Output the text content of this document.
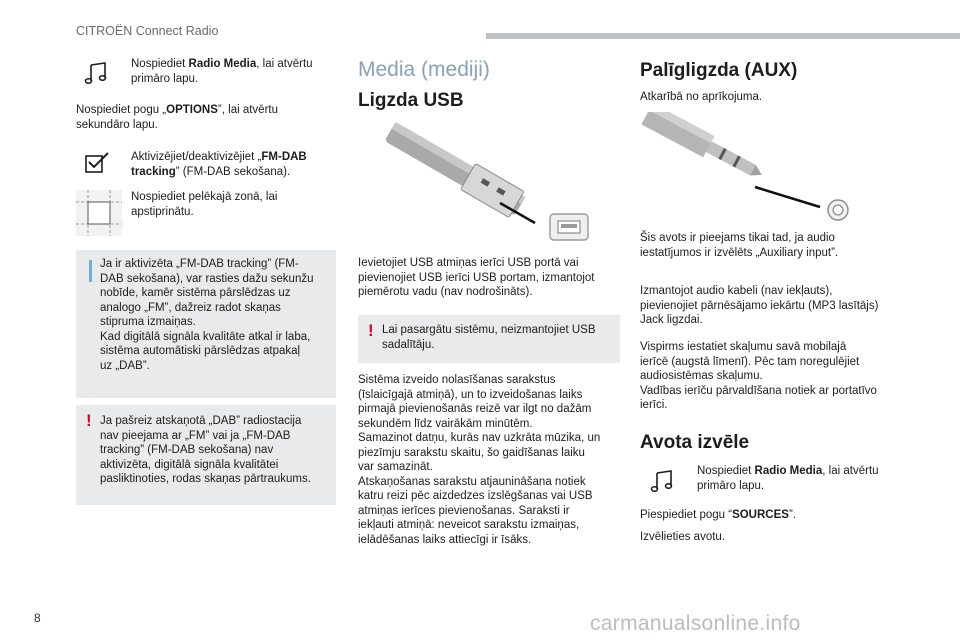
CITROËN Connect Radio
Nospiediet Radio Media, lai atvērtu primāro lapu.
Nospiediet pogu „OPTIONS”, lai atvērtu sekundāro lapu.
Aktivizējiet/deaktivizējiet „FM-DAB tracking” (FM-DAB sekošana).
Nospiediet pelēkajā zonā, lai apstiprinātu.
Ja ir aktivizēta „FM-DAB tracking” (FM-
DAB sekošana), var rasties dažu sekunžu
nobīde, kamēr sistēma pārslēdzas uz
analogo „FM”, dažreiz radot skaņas
stipruma izmaiņas.
Kad digitālā signāla kvalitāte atkal ir laba,
sistēma automātiski pārslēdzas atpakaļ
uz „DAB”.
! Ja pašreiz atskaņotā „DAB” radiostacija
nav pieejama ar „FM” vai ja „FM-DAB
tracking” (FM-DAB sekošana) nav
aktivizēta, digitālā signāla kvalitātei
pasliktinoties, rodas skaņas pārtraukums.
Media (mediji)
Ligzda USB
Ievietojiet USB atmiņas ierīci USB portā vai
pievienojiet USB ierīci USB portam, izmantojot
piemērotu vadu (nav nodrošināts).
! Lai pasargātu sistēmu, neizmantojiet USB
sadalītāju.
Sistēma izveido nolasīšanas sarakstus
(īslaicīgajā atmiņā), un to izveidošanas laiks
pirmajā pievienošanās reizē var ilgt no dažām
sekundēm līdz vairākām minūtēm.
Samazinot datņu, kurās nav uzkrāta mūzika, un
piezīmju sarakstu skaitu, šo gaidīšanas laiku
var samazināt.
Atskaņošanas sarakstu atjaunināšana notiek
katru reizi pēc aizdedzes izslēgšanas vai USB
atmiņas ierīces pievienošanas. Saraksti ir
iekļauti atmiņā: neveicot sarakstu izmaiņas,
ielādēšanas laiks attiecīgi ir īsāks.
Palīgligzda (AUX)
Atkarībā no aprīkojuma.
Šis avots ir pieejams tikai tad, ja audio
iestatījumos ir izvēlēts „Auxiliary input”.
Izmantojot audio kabeli (nav iekļauts),
pievienojiet pārnēsājamo iekārtu (MP3 lasītājs)
Jack ligzdai.
Vispirms iestatiet skaļumu savā mobilajā
ierīcē (augstā līmenī). Pēc tam noregulējiet
audiosistēmas skaļumu.
Vadības ierīču pārvaldīšana notiek ar portatīvo
ierīci.
Avota izvēle
Nospiediet Radio Media, lai atvērtu primāro lapu.
Piespiediet pogu “SOURCES”.
Izvēlieties avotu.
8	carmanualsonline.info
